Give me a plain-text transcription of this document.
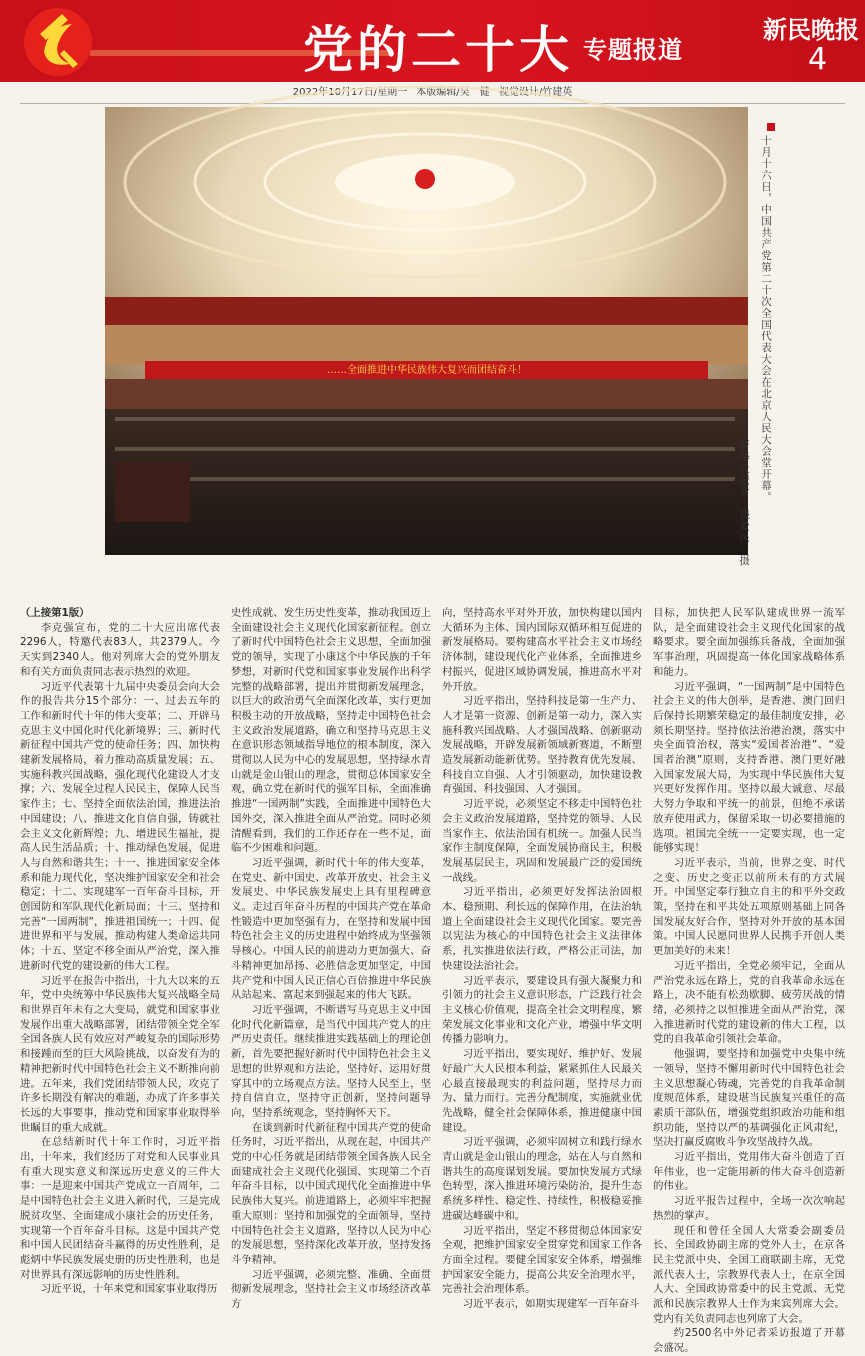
党的二十大 专题报道
新民晚报
4
2022年10月17日/星期一 本版编辑/吴　健 视觉设计/竹建英
……全面推进中华民族伟大复兴而团结奋斗！	十月十六日，中国共产党第二十次全国代表大会在北京人民大会堂开幕。
新华社记者　饶爱民　摄

（上接第1版）

李克强宣布，党的二十大应出席代表2296人，特邀代表83人，共2379人。今天实到2340人。他对列席大会的党外朋友和有关方面负责同志表示热烈的欢迎。

习近平代表第十九届中央委员会向大会作的报告共分15个部分：一、过去五年的工作和新时代十年的伟大变革；二、开辟马克思主义中国化时代化新境界；三、新时代新征程中国共产党的使命任务；四、加快构建新发展格局，着力推动高质量发展；五、实施科教兴国战略，强化现代化建设人才支撑；六、发展全过程人民民主，保障人民当家作主；七、坚持全面依法治国，推进法治中国建设；八、推进文化自信自强，铸就社会主义文化新辉煌；九、增进民生福祉，提高人民生活品质；十、推动绿色发展，促进人与自然和谐共生；十一、推进国家安全体系和能力现代化，坚决维护国家安全和社会稳定；十二、实现建军一百年奋斗目标，开创国防和军队现代化新局面；十三、坚持和完善“一国两制”，推进祖国统一；十四、促进世界和平与发展，推动构建人类命运共同体；十五、坚定不移全面从严治党，深入推进新时代党的建设新的伟大工程。

习近平在报告中指出，十九大以来的五年，党中央统筹中华民族伟大复兴战略全局和世界百年未有之大变局，就党和国家事业发展作出重大战略部署，团结带领全党全军全国各族人民有效应对严峻复杂的国际形势和接踵而至的巨大风险挑战，以奋发有为的精神把新时代中国特色社会主义不断推向前进。五年来，我们党团结带领人民，攻克了许多长期没有解决的难题，办成了许多事关长远的大事要事，推动党和国家事业取得举世瞩目的重大成就。

在总结新时代十年工作时，习近平指出，十年来，我们经历了对党和人民事业具有重大现实意义和深远历史意义的三件大事：一是迎来中国共产党成立一百周年，二是中国特色社会主义进入新时代，三是完成脱贫攻坚、全面建成小康社会的历史任务，实现第一个百年奋斗目标。这是中国共产党和中国人民团结奋斗赢得的历史性胜利，是彪炳中华民族发展史册的历史性胜利，也是对世界具有深远影响的历史性胜利。

习近平说，十年来党和国家事业取得历

史性成就、发生历史性变革，推动我国迈上全面建设社会主义现代化国家新征程。创立了新时代中国特色社会主义思想，全面加强党的领导，实现了小康这个中华民族的千年梦想，对新时代党和国家事业发展作出科学完整的战略部署，提出并贯彻新发展理念，以巨大的政治勇气全面深化改革，实行更加积极主动的开放战略，坚持走中国特色社会主义政治发展道路，确立和坚持马克思主义在意识形态领域指导地位的根本制度，深入贯彻以人民为中心的发展思想，坚持绿水青山就是金山银山的理念，贯彻总体国家安全观，确立党在新时代的强军目标，全面准确推进“一国两制”实践，全面推进中国特色大国外交，深入推进全面从严治党。同时必须清醒看到，我们的工作还存在一些不足，面临不少困难和问题。

习近平强调，新时代十年的伟大变革，在党史、新中国史、改革开放史、社会主义发展史、中华民族发展史上具有里程碑意义。走过百年奋斗历程的中国共产党在革命性锻造中更加坚强有力，在坚持和发展中国特色社会主义的历史进程中始终成为坚强领导核心。中国人民的前进动力更加强大、奋斗精神更加昂扬、必胜信念更加坚定，中国共产党和中国人民正信心百倍推进中华民族从站起来、富起来到强起来的伟大飞跃。

习近平强调，不断谱写马克思主义中国化时代化新篇章，是当代中国共产党人的庄严历史责任。继续推进实践基础上的理论创新，首先要把握好新时代中国特色社会主义思想的世界观和方法论，坚持好、运用好贯穿其中的立场观点方法。坚持人民至上，坚持自信自立，坚持守正创新，坚持问题导向，坚持系统观念，坚持胸怀天下。

在谈到新时代新征程中国共产党的使命任务时，习近平指出，从现在起，中国共产党的中心任务就是团结带领全国各族人民全面建成社会主义现代化强国、实现第二个百年奋斗目标，以中国式现代化全面推进中华民族伟大复兴。前进道路上，必须牢牢把握重大原则：坚持和加强党的全面领导，坚持中国特色社会主义道路，坚持以人民为中心的发展思想，坚持深化改革开放，坚持发扬斗争精神。

习近平强调，必须完整、准确、全面贯彻新发展理念，坚持社会主义市场经济改革方

向，坚持高水平对外开放，加快构建以国内大循环为主体、国内国际双循环相互促进的新发展格局。要构建高水平社会主义市场经济体制，建设现代化产业体系，全面推进乡村振兴，促进区域协调发展，推进高水平对外开放。

习近平指出，坚持科技是第一生产力、人才是第一资源、创新是第一动力，深入实施科教兴国战略、人才强国战略、创新驱动发展战略，开辟发展新领域新赛道，不断塑造发展新动能新优势。坚持教育优先发展、科技自立自强、人才引领驱动，加快建设教育强国、科技强国、人才强国。

习近平说，必须坚定不移走中国特色社会主义政治发展道路，坚持党的领导、人民当家作主、依法治国有机统一。加强人民当家作主制度保障，全面发展协商民主，积极发展基层民主，巩固和发展最广泛的爱国统一战线。

习近平指出，必须更好发挥法治固根本、稳预期、利长远的保障作用，在法治轨道上全面建设社会主义现代化国家。要完善以宪法为核心的中国特色社会主义法律体系，扎实推进依法行政，严格公正司法，加快建设法治社会。

习近平表示，要建设具有强大凝聚力和引领力的社会主义意识形态，广泛践行社会主义核心价值观，提高全社会文明程度，繁荣发展文化事业和文化产业，增强中华文明传播力影响力。

习近平指出，要实现好、维护好、发展好最广大人民根本利益，紧紧抓住人民最关心最直接最现实的利益问题，坚持尽力而为、量力而行。完善分配制度，实施就业优先战略，健全社会保障体系，推进健康中国建设。

习近平强调，必须牢固树立和践行绿水青山就是金山银山的理念，站在人与自然和谐共生的高度谋划发展。要加快发展方式绿色转型，深入推进环境污染防治，提升生态系统多样性、稳定性、持续性，积极稳妥推进碳达峰碳中和。

习近平指出，坚定不移贯彻总体国家安全观，把维护国家安全贯穿党和国家工作各方面全过程。要健全国家安全体系，增强维护国家安全能力，提高公共安全治理水平，完善社会治理体系。

习近平表示，如期实现建军一百年奋斗

目标，加快把人民军队建成世界一流军队，是全面建设社会主义现代化国家的战略要求。要全面加强练兵备战，全面加强军事治理，巩固提高一体化国家战略体系和能力。

习近平强调，“一国两制”是中国特色社会主义的伟大创举，是香港、澳门回归后保持长期繁荣稳定的最佳制度安排，必须长期坚持。坚持依法治港治澳，落实中央全面管治权，落实“爱国者治港”、“爱国者治澳”原则，支持香港、澳门更好融入国家发展大局，为实现中华民族伟大复兴更好发挥作用。坚持以最大诚意、尽最大努力争取和平统一的前景，但绝不承诺放弃使用武力，保留采取一切必要措施的选项。祖国完全统一一定要实现，也一定能够实现！

习近平表示，当前，世界之变、时代之变、历史之变正以前所未有的方式展开。中国坚定奉行独立自主的和平外交政策，坚持在和平共处五项原则基础上同各国发展友好合作，坚持对外开放的基本国策。中国人民愿同世界人民携手开创人类更加美好的未来！

习近平指出，全党必须牢记，全面从严治党永远在路上，党的自我革命永远在路上，决不能有松劲歇脚、疲劳厌战的情绪，必须持之以恒推进全面从严治党，深入推进新时代党的建设新的伟大工程，以党的自我革命引领社会革命。

他强调，要坚持和加强党中央集中统一领导，坚持不懈用新时代中国特色社会主义思想凝心铸魂，完善党的自我革命制度规范体系，建设堪当民族复兴重任的高素质干部队伍，增强党组织政治功能和组织功能，坚持以严的基调强化正风肃纪，坚决打赢反腐败斗争攻坚战持久战。

习近平指出，党用伟大奋斗创造了百年伟业，也一定能用新的伟大奋斗创造新的伟业。

习近平报告过程中，全场一次次响起热烈的掌声。

现任和曾任全国人大常委会副委员长、全国政协副主席的党外人士，在京各民主党派中央、全国工商联副主席，无党派代表人士，宗教界代表人士，在京全国人大、全国政协常委中的民主党派、无党派和民族宗教界人士作为来宾列席大会。党内有关负责同志也列席了大会。

约2500名中外记者采访报道了开幕会盛况。
